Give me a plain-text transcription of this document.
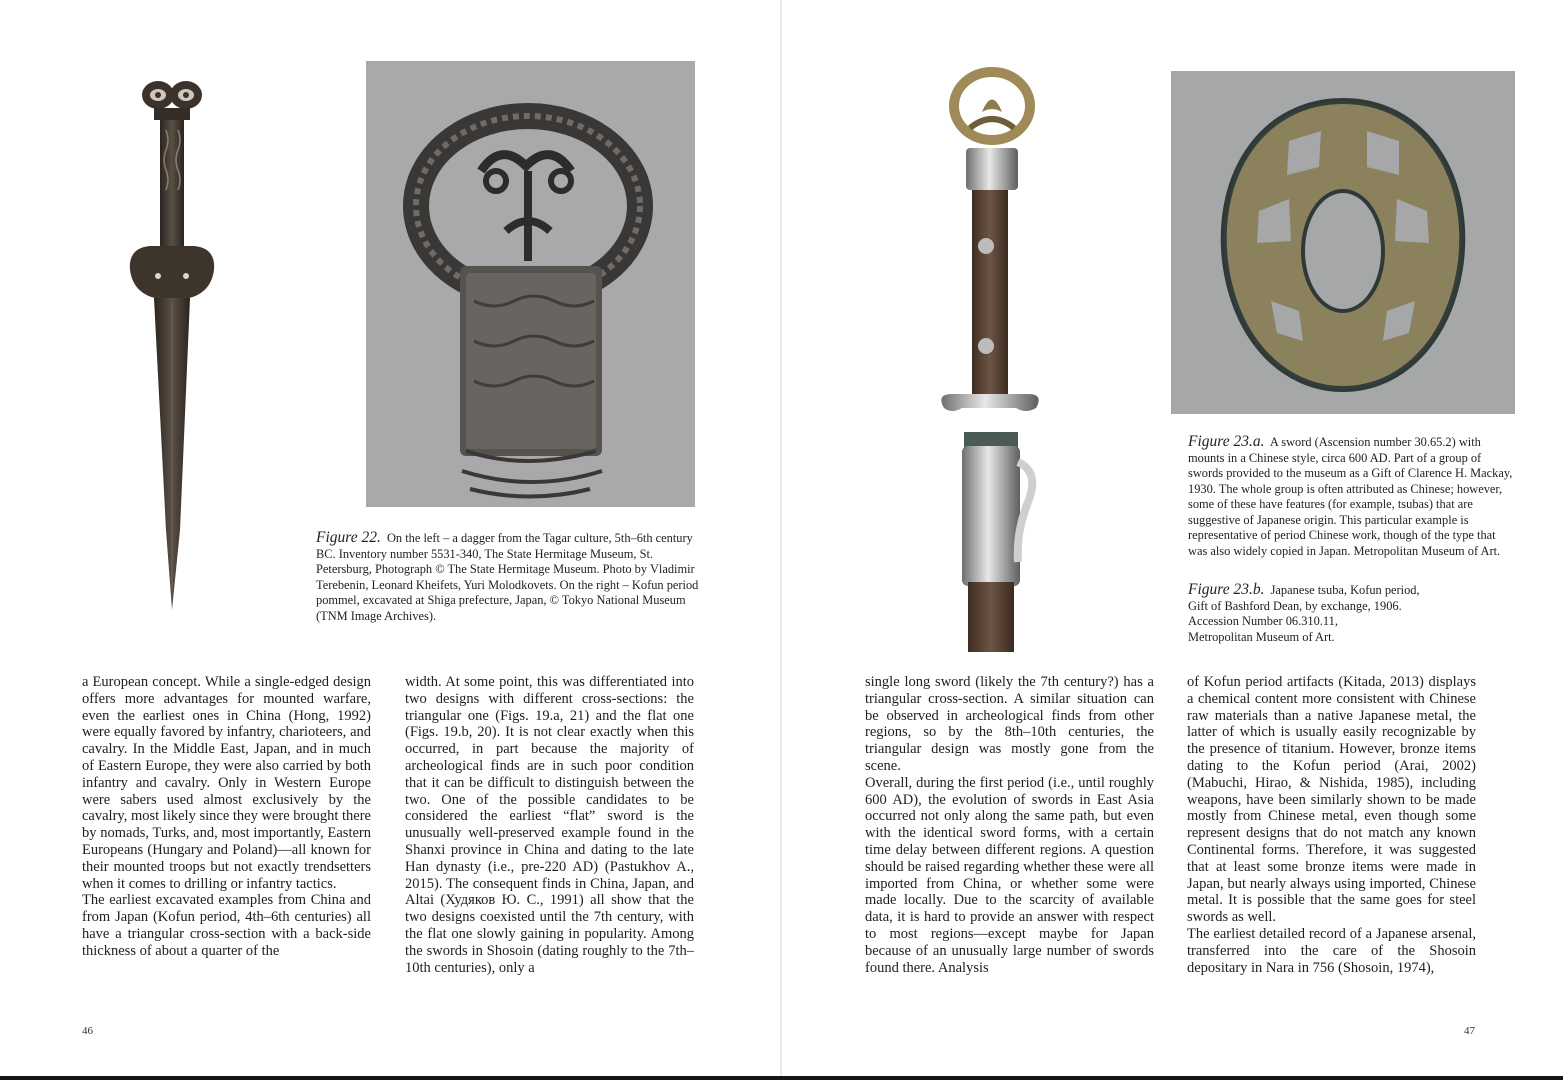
Figure 22. On the left – a dagger from the Tagar culture, 5th–6th century BC. Inventory number 5531-340, The State Hermitage Museum, St. Petersburg, Photograph © The State Hermitage Museum. Photo by Vladimir Terebenin, Leonard Kheifets, Yuri Molodkovets. On the right – Kofun period pommel, excavated at Shiga prefecture, Japan, © Tokyo National Museum (TNM Image Archives).

a European concept. While a single-edged design offers more advantages for mounted warfare, even the earliest ones in China (Hong, 1992) were equally favored by infantry, charioteers, and cavalry. In the Middle East, Japan, and in much of Eastern Europe, they were also carried by both infantry and cavalry. Only in Western Europe were sabers used almost exclusively by the cavalry, most likely since they were brought there by nomads, Turks, and, most importantly, Eastern Europeans (Hungary and Poland)—all known for their mounted troops but not exactly trendsetters when it comes to drilling or infantry tactics.

The earliest excavated examples from China and from Japan (Kofun period, 4th–6th centuries) all have a triangular cross-section with a back-side thickness of about a quarter of the

width. At some point, this was differentiated into two designs with different cross-sections: the triangular one (Figs. 19.a, 21) and the flat one (Figs. 19.b, 20). It is not clear exactly when this occurred, in part because the majority of archeological finds are in such poor condition that it can be difficult to distinguish between the two. One of the possible candidates to be considered the earliest “flat” sword is the unusually well-preserved example found in the Shanxi province in China and dating to the late Han dynasty (i.e., pre-220 AD) (Pastukhov A., 2015). The consequent finds in China, Japan, and Altai (Худяков Ю. С., 1991) all show that the two designs coexisted until the 7th century, with the flat one slowly gaining in popularity. Among the swords in Shosoin (dating roughly to the 7th–10th centuries), only a

46

Figure 23.a. A sword (Ascension number 30.65.2) with mounts in a Chinese style, circa 600 AD. Part of a group of swords provided to the museum as a Gift of Clarence H. Mackay, 1930. The whole group is often attributed as Chinese; however, some of these have features (for example, tsubas) that are suggestive of Japanese origin. This particular example is representative of period Chinese work, though of the type that was also widely copied in Japan. Metropolitan Museum of Art.

Figure 23.b. Japanese tsuba, Kofun period,

Gift of Bashford Dean, by exchange, 1906.

Accession Number 06.310.11,

Metropolitan Museum of Art.

single long sword (likely the 7th century?) has a triangular cross-section. A similar situation can be observed in archeological finds from other regions, so by the 8th–10th centuries, the triangular design was mostly gone from the scene.

Overall, during the first period (i.e., until roughly 600 AD), the evolution of swords in East Asia occurred not only along the same path, but even with the identical sword forms, with a certain time delay between different regions. A question should be raised regarding whether these were all imported from China, or whether some were made locally. Due to the scarcity of available data, it is hard to provide an answer with respect to most regions—except maybe for Japan because of an unusually large number of swords found there. Analysis

of Kofun period artifacts (Kitada, 2013) displays a chemical content more consistent with Chinese raw materials than a native Japanese metal, the latter of which is usually easily recognizable by the presence of titanium. However, bronze items dating to the Kofun period (Arai, 2002) (Mabuchi, Hirao, & Nishida, 1985), including weapons, have been similarly shown to be made mostly from Chinese metal, even though some represent designs that do not match any known Continental forms. Therefore, it was suggested that at least some bronze items were made in Japan, but nearly always using imported, Chinese metal. It is possible that the same goes for steel swords as well.

The earliest detailed record of a Japanese arsenal, transferred into the care of the Shosoin depositary in Nara in 756 (Shosoin, 1974),

47
